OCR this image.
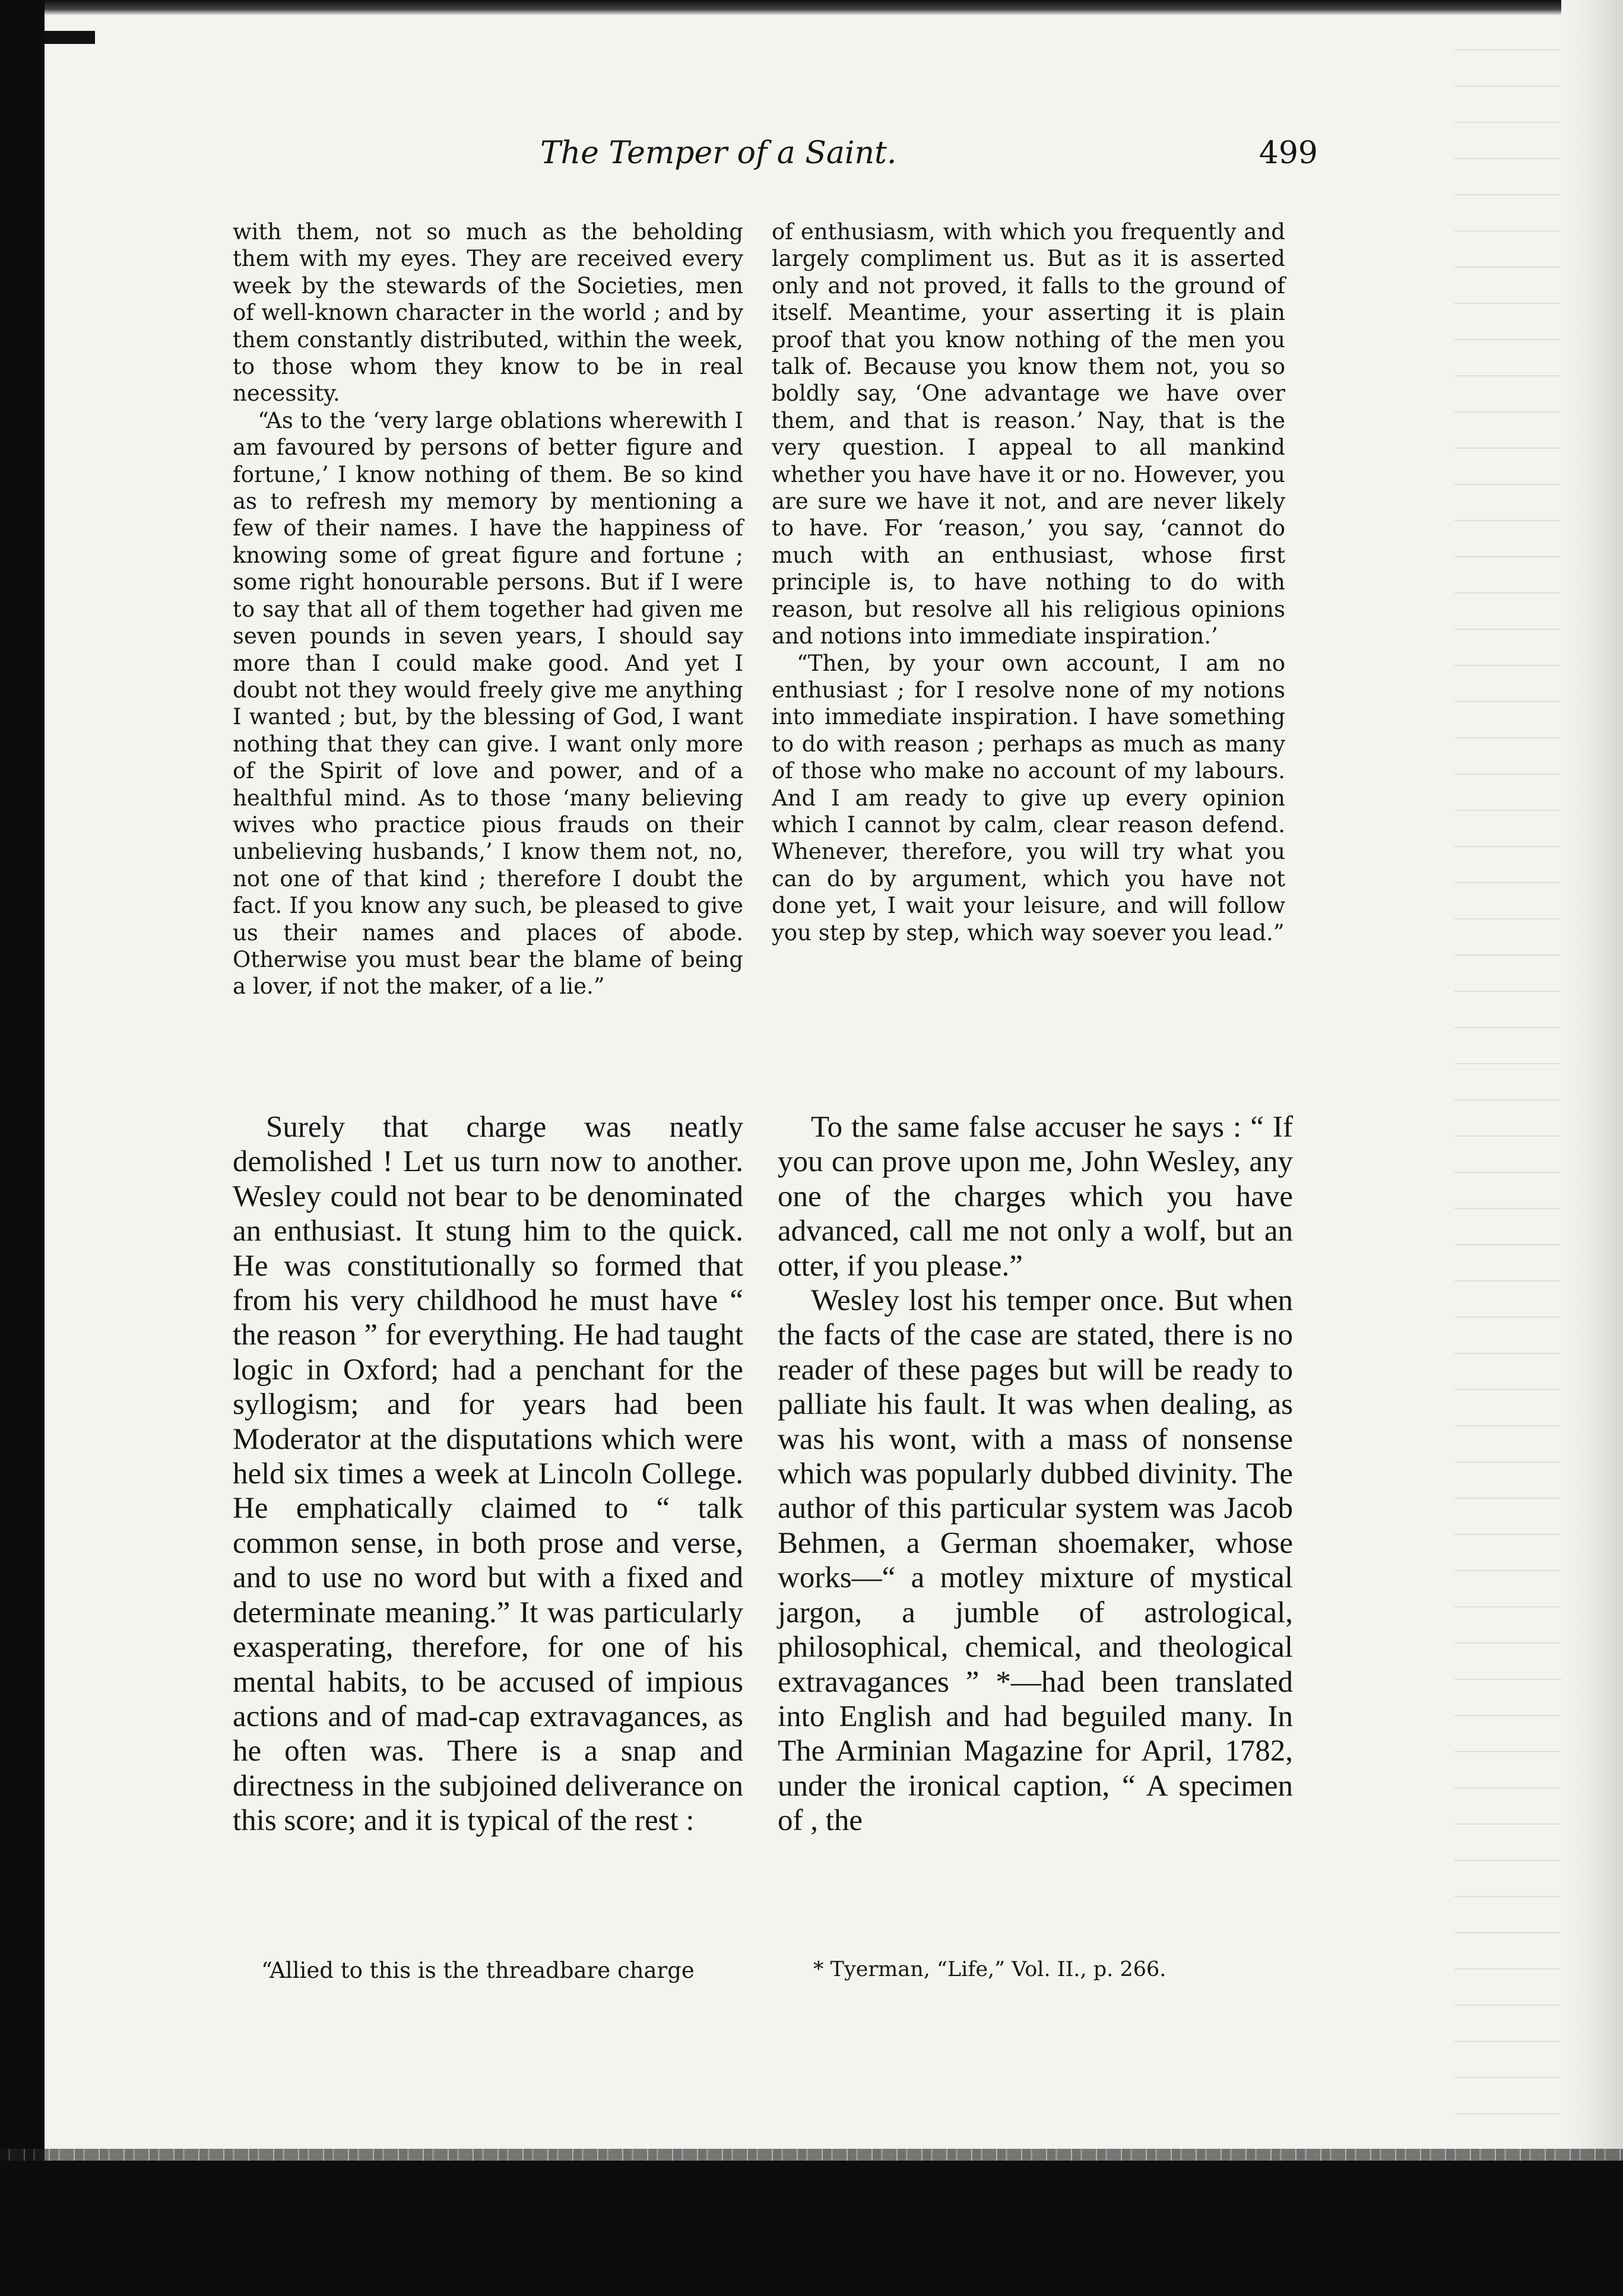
The Temper of a Saint.	499

with them, not so much as the beholding them with my eyes. They are received every week by the stewards of the Societies, men of well-known character in the world ; and by them constantly distributed, within the week, to those whom they know to be in real necessity.

“As to the ‘very large oblations wherewith I am favoured by persons of better figure and fortune,’ I know nothing of them. Be so kind as to refresh my memory by mentioning a few of their names. I have the happiness of knowing some of great figure and fortune ; some right honourable persons. But if I were to say that all of them together had given me seven pounds in seven years, I should say more than I could make good. And yet I doubt not they would freely give me anything I wanted ; but, by the blessing of God, I want nothing that they can give. I want only more of the Spirit of love and power, and of a healthful mind. As to those ‘many believing wives who practice pious frauds on their unbelieving husbands,’ I know them not, no, not one of that kind ; therefore I doubt the fact. If you know any such, be pleased to give us their names and places of abode. Otherwise you must bear the blame of being a lover, if not the maker, of a lie.”

of enthusiasm, with which you frequently and largely compliment us. But as it is asserted only and not proved, it falls to the ground of itself. Meantime, your asserting it is plain proof that you know nothing of the men you talk of. Because you know them not, you so boldly say, ‘One advantage we have over them, and that is reason.’ Nay, that is the very question. I appeal to all mankind whether you have have it or no. However, you are sure we have it not, and are never likely to have. For ‘reason,’ you say, ‘cannot do much with an enthusiast, whose first principle is, to have nothing to do with reason, but resolve all his religious opinions and notions into immediate inspiration.’

“Then, by your own account, I am no enthusiast ; for I resolve none of my notions into immediate inspiration. I have something to do with reason ; perhaps as much as many of those who make no account of my labours. And I am ready to give up every opinion which I cannot by calm, clear reason defend. Whenever, therefore, you will try what you can do by argument, which you have not done yet, I wait your leisure, and will follow you step by step, which way soever you lead.”

Surely that charge was neatly demolished ! Let us turn now to another. Wesley could not bear to be denominated an enthusiast. It stung him to the quick. He was constitutionally so formed that from his very childhood he must have “ the reason ” for everything. He had taught logic in Oxford; had a penchant for the syllogism; and for years had been Moderator at the disputations which were held six times a week at Lincoln College. He emphatically claimed to “ talk common sense, in both prose and verse, and to use no word but with a fixed and determinate meaning.” It was particularly exasperating, therefore, for one of his mental habits, to be accused of impious actions and of mad-cap extravagances, as he often was. There is a snap and directness in the subjoined deliverance on this score; and it is typical of the rest :

To the same false accuser he says : “ If you can prove upon me, John Wesley, any one of the charges which you have advanced, call me not only a wolf, but an otter, if you please.”

Wesley lost his temper once. But when the facts of the case are stated, there is no reader of these pages but will be ready to palliate his fault. It was when dealing, as was his wont, with a mass of nonsense which was popularly dubbed divinity. The author of this particular system was Jacob Behmen, a German shoemaker, whose works—“ a motley mixture of mystical jargon, a jumble of astrological, philosophical, chemical, and theological extravagances ” *—had been translated into English and had beguiled many. In The Arminian Magazine for April, 1782, under the ironical caption, “ A specimen of , the

“Allied to this is the threadbare charge	* Tyerman, “Life,” Vol. II., p. 266.
